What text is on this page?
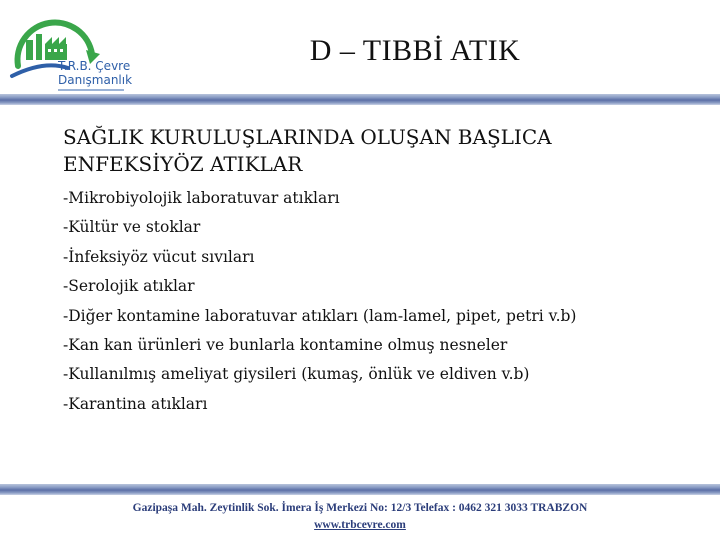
T.R.B. Çevre
Danışmanlık
D – TIBBİ ATIK
SAĞLIK KURULUŞLARINDA OLUŞAN BAŞLICA ENFEKSİYÖZ ATIKLAR
-Mikrobiyolojik laboratuvar atıkları
-Kültür ve stoklar
-İnfeksiyöz vücut sıvıları
-Serolojik atıklar
-Diğer kontamine laboratuvar atıkları (lam-lamel, pipet, petri v.b)
-Kan kan ürünleri ve bunlarla kontamine olmuş nesneler
-Kullanılmış ameliyat giysileri (kumaş, önlük ve eldiven v.b)
-Karantina atıkları
Gazipaşa Mah. Zeytinlik Sok. İmera İş Merkezi No: 12/3 Telefax : 0462 321 3033 TRABZON
www.trbcevre.com
